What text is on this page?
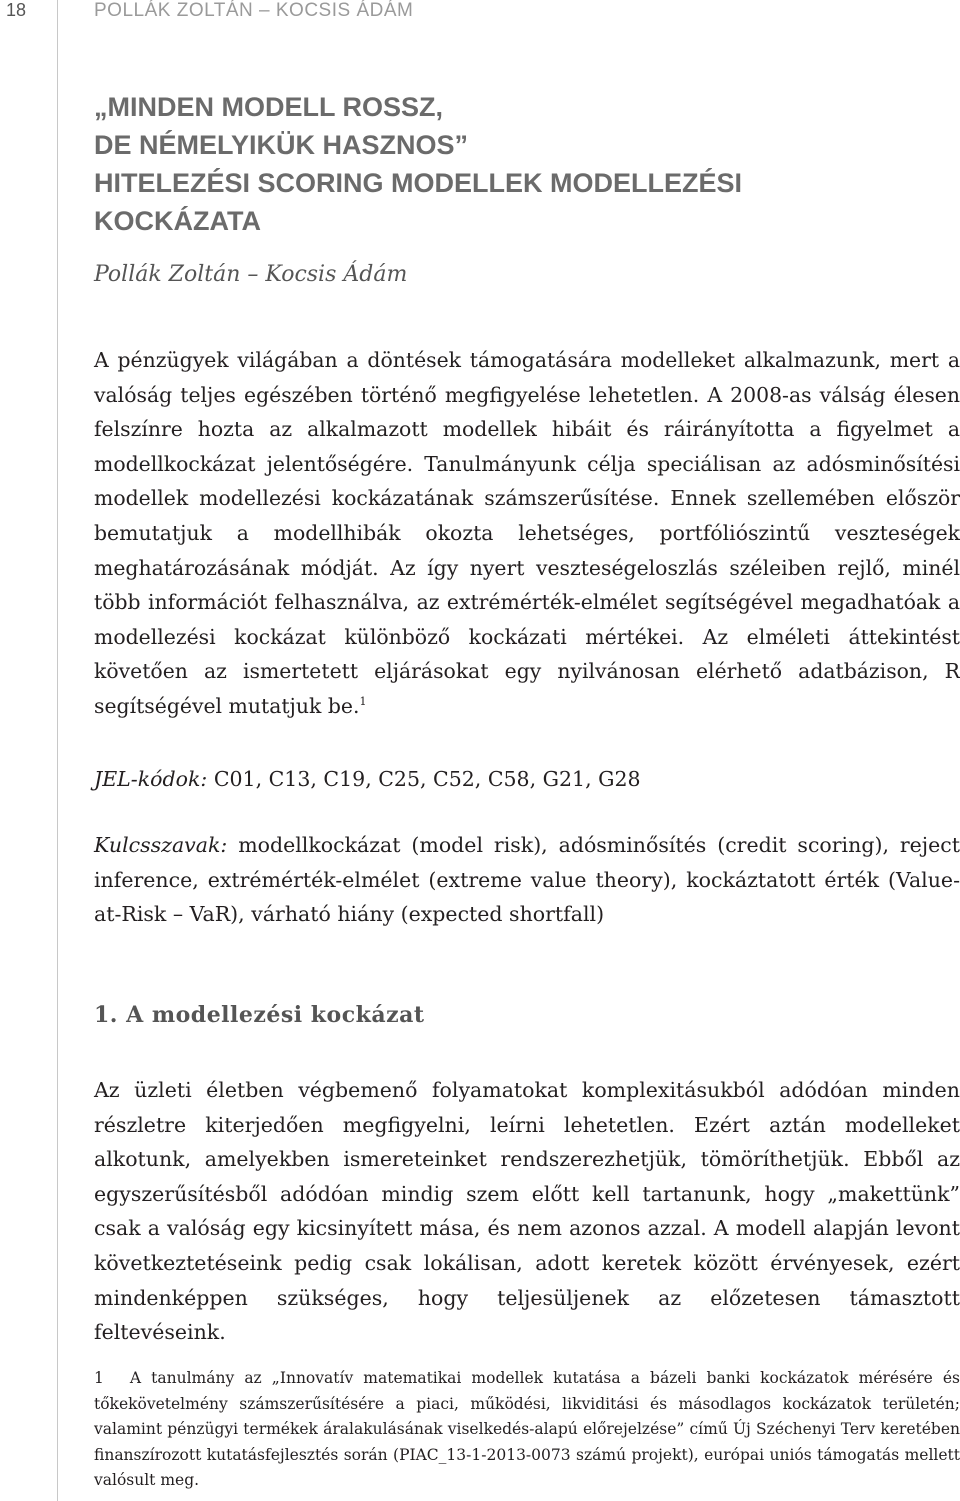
18	POLLÁK ZOLTÁN – KOCSIS ÁDÁM
„MINDEN MODELL ROSSZ,
DE NÉMELYIKÜK HASZNOS”
HITELEZÉSI SCORING MODELLEK MODELLEZÉSI
KOCKÁZATA
Pollák Zoltán – Kocsis Ádám

A pénzügyek világában a döntések támogatására modelleket alkalmazunk, mert a valóság teljes egészében történő megfigyelése lehetetlen. A 2008-as válság élesen felszínre hozta az alkalmazott modellek hibáit és ráirányította a figyelmet a modellkockázat jelentőségére. Tanulmányunk célja speciálisan az adósminősítési modellek modellezési kockázatának számszerűsítése. Ennek szellemében először bemutatjuk a modellhibák okozta lehetséges, portfóliószintű veszteségek meghatározásának módját. Az így nyert veszteségeloszlás széleiben rejlő, minél több információt felhasználva, az extrémérték-elmélet segítségével megadhatóak a modellezési kockázat különböző kockázati mértékei. Az elméleti áttekintést követően az ismertetett eljárásokat egy nyilvánosan elérhető adatbázison, R segítségével mutatjuk be.$^1$

JEL-kódok: C01, C13, C19, C25, C52, C58, G21, G28

Kulcsszavak: modellkockázat (model risk), adósminősítés (credit scoring), reject inference, extrémérték-elmélet (extreme value theory), kockáztatott érték (Value-at-Risk – VaR), várható hiány (expected shortfall)

1. A modellezési kockázat

Az üzleti életben végbemenő folyamatokat komplexitásukból adódóan minden részletre kiterjedően megfigyelni, leírni lehetetlen. Ezért aztán modelleket alkotunk, amelyekben ismereteinket rendszerezhetjük, tömöríthetjük. Ebből az egyszerűsítésből adódóan mindig szem előtt kell tartanunk, hogy „makettünk” csak a valóság egy kicsinyített mása, és nem azonos azzal. A modell alapján levont következtetéseink pedig csak lokálisan, adott keretek között érvényesek, ezért mindenképpen szükséges, hogy teljesüljenek az előzetesen támasztott feltevéseink.

1 A tanulmány az „Innovatív matematikai modellek kutatása a bázeli banki kockázatok mérésére és tőkekövetelmény számszerűsítésére a piaci, működési, likviditási és másodlagos kockázatok területén; valamint pénzügyi termékek áralakulásának viselkedés-alapú előrejelzése” című Új Széchenyi Terv keretében finanszírozott kutatásfejlesztés során (PIAC_13-1-2013-0073 számú projekt), európai uniós támogatás mellett valósult meg.
